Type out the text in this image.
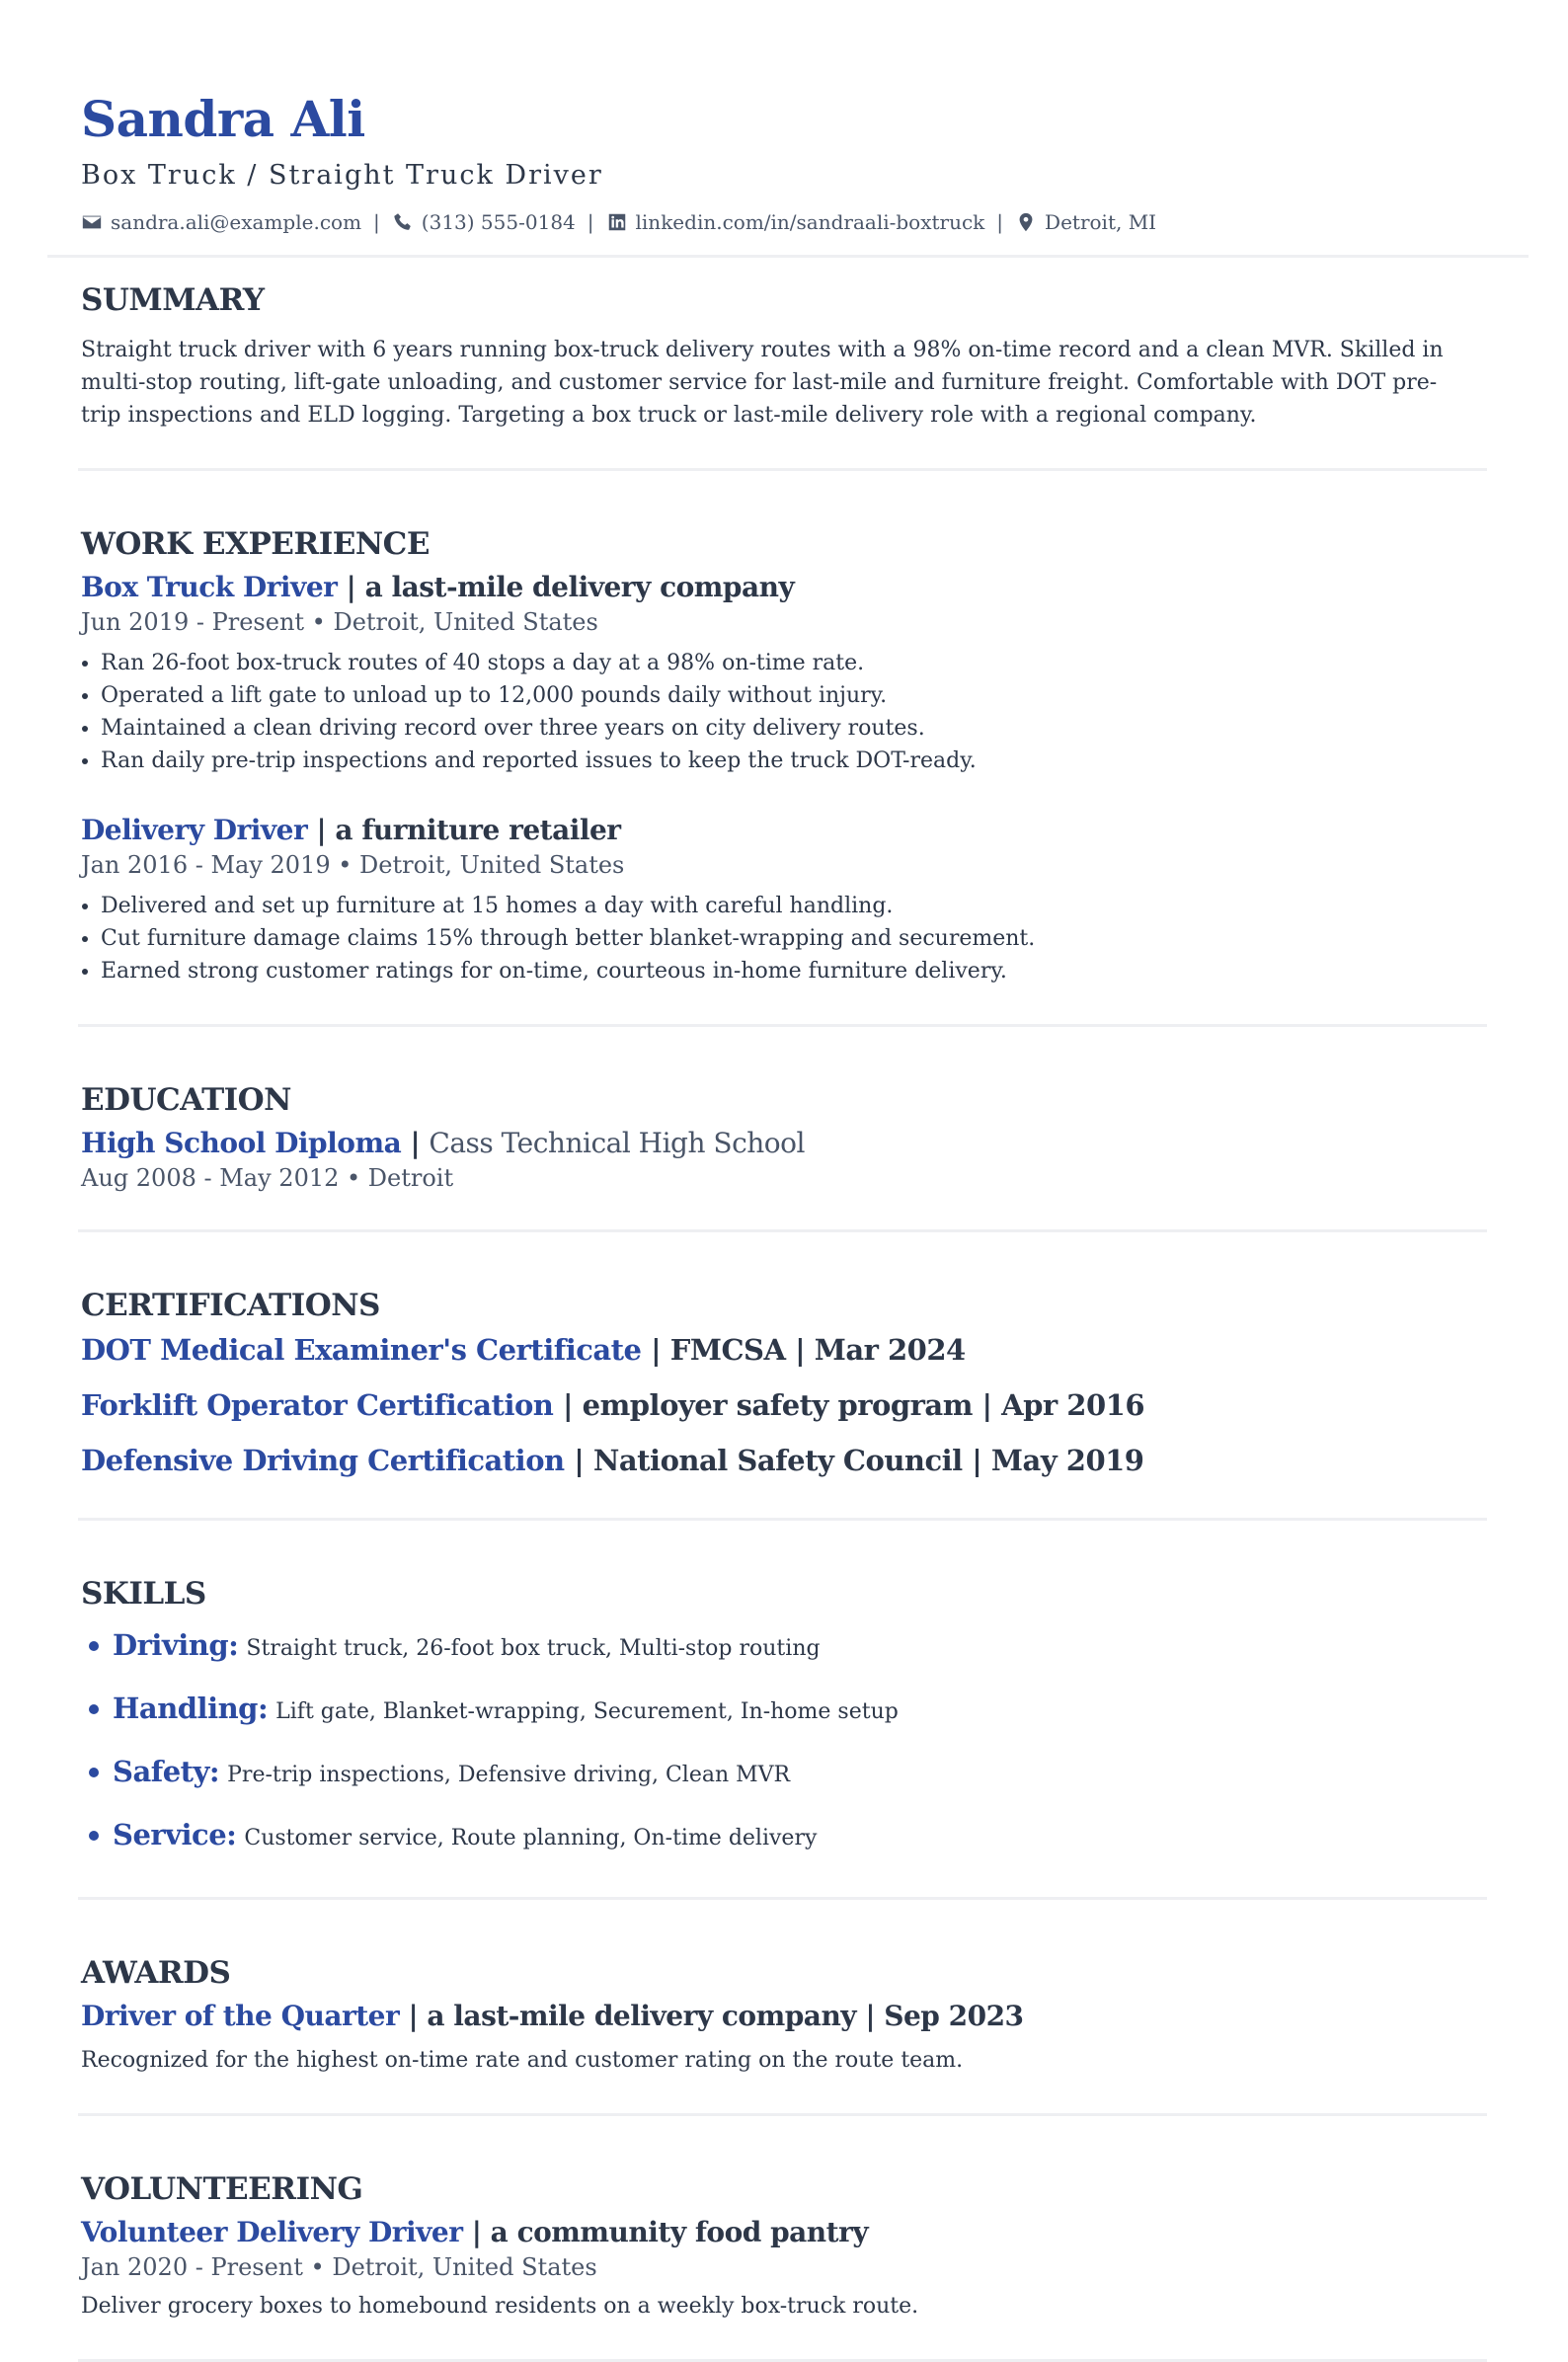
Sandra Ali
Box Truck / Straight Truck Driver
sandra.ali@example.com | (313) 555-0184 | linkedin.com/in/sandraali-boxtruck | Detroit, MI
SUMMARY

Straight truck driver with 6 years running box-truck delivery routes with a 98% on-time record and a clean MVR. Skilled in multi-stop routing, lift-gate unloading, and customer service for last-mile and furniture freight. Comfortable with DOT pre-trip inspections and ELD logging. Targeting a box truck or last-mile delivery role with a regional company.

WORK EXPERIENCE
Box Truck Driver | a last-mile delivery company
Jun 2019 - Present • Detroit, United States
• Ran 26-foot box-truck routes of 40 stops a day at a 98% on-time rate.
• Operated a lift gate to unload up to 12,000 pounds daily without injury.
• Maintained a clean driving record over three years on city delivery routes.
• Ran daily pre-trip inspections and reported issues to keep the truck DOT-ready.
Delivery Driver | a furniture retailer
Jan 2016 - May 2019 • Detroit, United States
• Delivered and set up furniture at 15 homes a day with careful handling.
• Cut furniture damage claims 15% through better blanket-wrapping and securement.
• Earned strong customer ratings for on-time, courteous in-home furniture delivery.
EDUCATION
High School Diploma | Cass Technical High School
Aug 2008 - May 2012 • Detroit
CERTIFICATIONS
DOT Medical Examiner's Certificate | FMCSA | Mar 2024
Forklift Operator Certification | employer safety program | Apr 2016
Defensive Driving Certification | National Safety Council | May 2019
SKILLS
Driving: Straight truck, 26-foot box truck, Multi-stop routing
Handling: Lift gate, Blanket-wrapping, Securement, In-home setup
Safety: Pre-trip inspections, Defensive driving, Clean MVR
Service: Customer service, Route planning, On-time delivery
AWARDS
Driver of the Quarter | a last-mile delivery company | Sep 2023
Recognized for the highest on-time rate and customer rating on the route team.
VOLUNTEERING
Volunteer Delivery Driver | a community food pantry
Jan 2020 - Present • Detroit, United States
Deliver grocery boxes to homebound residents on a weekly box-truck route.
